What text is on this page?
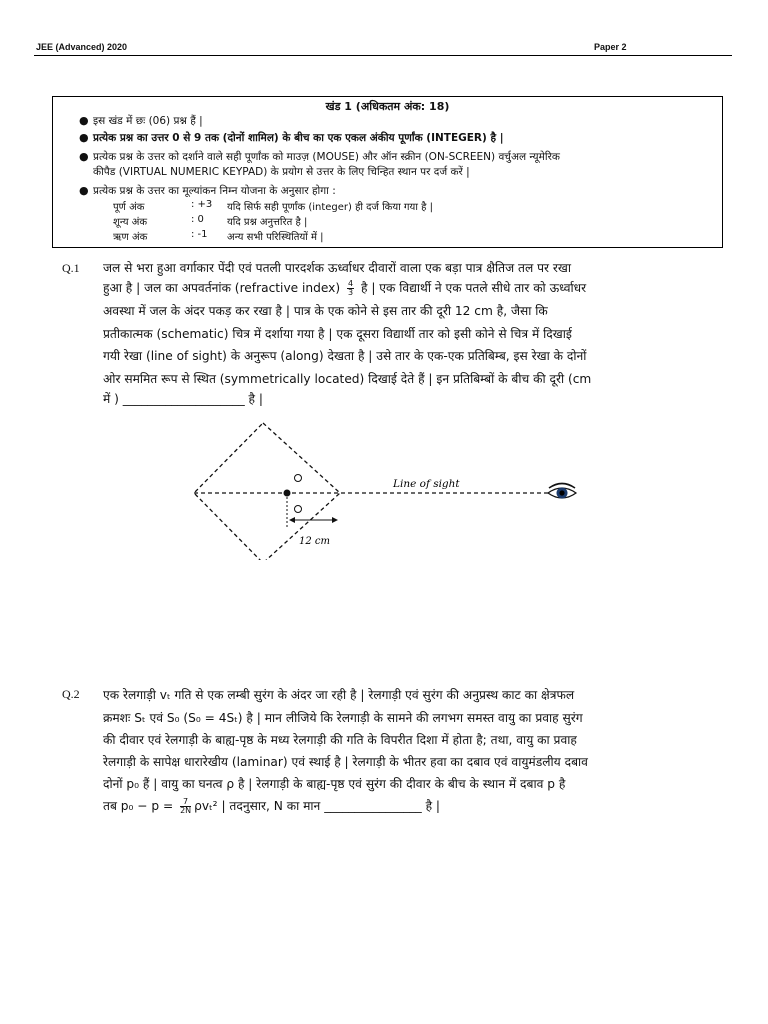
JEE (Advanced) 2020	Paper 2
खंड 1 (अधिकतम अंक: 18)
● इस खंड में छः (06) प्रश्न हैं |
● प्रत्येक प्रश्न का उत्तर 0 से 9 तक (दोनों शामिल) के बीच का एक एकल अंकीय पूर्णांक (INTEGER) है |
● प्रत्येक प्रश्न के उत्तर को दर्शाने वाले सही पूर्णांक को माउज़ (MOUSE) और ऑन स्क्रीन (ON-SCREEN) वर्चुअल न्यूमेरिक
कीपैड (VIRTUAL NUMERIC KEYPAD) के प्रयोग से उत्तर के लिए चिन्हित स्थान पर दर्ज करें |
● प्रत्येक प्रश्न के उत्तर का मूल्यांकन निम्न योजना के अनुसार होगा :
पूर्ण अंक	: +3 यदि सिर्फ सही पूर्णांक (integer) ही दर्ज किया गया है |
शून्य अंक	: 0 यदि प्रश्न अनुत्तरित है |
ऋण अंक	: -1 अन्य सभी परिस्थितियों में |
Q.1 जल से भरा हुआ वर्गाकार पेंदी एवं पतली पारदर्शक ऊर्ध्वाधर दीवारों वाला एक बड़ा पात्र क्षैतिज तल पर रखा
हुआ है | जल का अपवर्तनांक (refractive index) $\frac{4}{3}$ है | एक विद्यार्थी ने एक पतले सीधे तार को ऊर्ध्वाधर
अवस्था में जल के अंदर पकड़ कर रखा है | पात्र के एक कोने से इस तार की दूरी 12 cm है, जैसा कि
प्रतीकात्मक (schematic) चित्र में दर्शाया गया है | एक दूसरा विद्यार्थी तार को इसी कोने से चित्र में दिखाई
गयी रेखा (line of sight) के अनुरूप (along) देखता है | उसे तार के एक-एक प्रतिबिम्ब, इस रेखा के दोनों
ओर सममित रूप से स्थित (symmetrically located) दिखाई देते हैं | इन प्रतिबिम्बों के बीच की दूरी (cm
में ) ____________________ है |
12 cm
Line of sight
Q.2 एक रेलगाड़ी vₜ गति से एक लम्बी सुरंग के अंदर जा रही है | रेलगाड़ी एवं सुरंग की अनुप्रस्थ काट का क्षेत्रफल
क्रमशः Sₜ एवं S₀ (S₀ = 4Sₜ) है | मान लीजिये कि रेलगाड़ी के सामने की लगभग समस्त वायु का प्रवाह सुरंग
की दीवार एवं रेलगाड़ी के बाह्य-पृष्ठ के मध्य रेलगाड़ी की गति के विपरीत दिशा में होता है; तथा, वायु का प्रवाह
रेलगाड़ी के सापेक्ष धारारेखीय (laminar) एवं स्थाई है | रेलगाड़ी के भीतर हवा का दबाव एवं वायुमंडलीय दबाव
दोनों p₀ हैं | वायु का घनत्व ρ है | रेलगाड़ी के बाह्य-पृष्ठ एवं सुरंग की दीवार के बीच के स्थान में दबाव p है
तब $p_0 - p = \frac{7}{2N} \rho v_t^2$ | तदनुसार, N का मान ________________ है |
